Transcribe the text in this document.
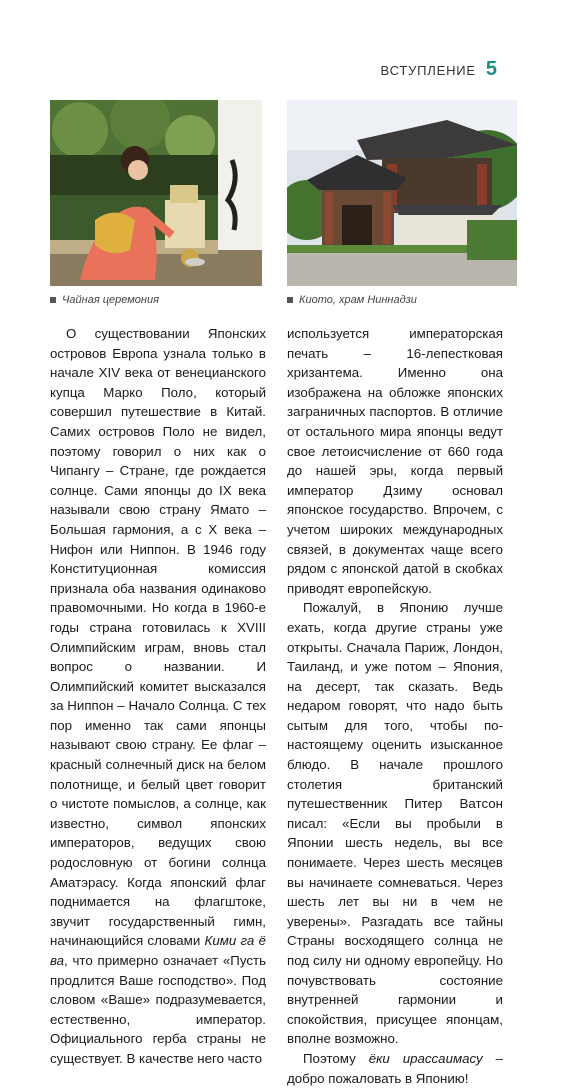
ВСТУПЛЕНИЕ 5
Чайная церемония	Киото, храм Ниннадзи

О существовании Японских островов Европа узнала только в начале XIV века от венецианского купца Марко Поло, который совершил путешествие в Китай. Самих островов Поло не видел, поэтому говорил о них как о Чипангу – Стране, где рождается солнце. Сами японцы до IX века называли свою страну Ямато – Большая гармония, а с X века – Нифон или Ниппон. В 1946 году Конституционная комиссия признала оба названия одинаково правомочными. Но когда в 1960-е годы страна готовилась к XVIII Олимпийским играм, вновь стал вопрос о названии. И Олимпийский комитет высказался за Ниппон – Начало Солнца. С тех пор именно так сами японцы называют свою страну. Ее флаг – красный солнечный диск на белом полотнище, и белый цвет говорит о чистоте помыслов, а солнце, как известно, символ японских императоров, ведущих свою родословную от богини солнца Аматэрасу. Когда японский флаг поднимается на флагштоке, звучит государственный гимн, начинающийся словами Кими га ё ва, что примерно означает «Пусть продлится Ваше господство». Под словом «Ваше» подразумевается, естественно, император. Официального герба страны не существует. В качестве него часто

используется императорская печать – 16-лепестковая хризантема. Именно она изображена на обложке японских заграничных паспортов. В отличие от остального мира японцы ведут свое летоисчисление от 660 года до нашей эры, когда первый император Дзиму основал японское государство. Впрочем, с учетом широких международных связей, в документах чаще всего рядом с японской датой в скобках приводят европейскую.

Пожалуй, в Японию лучше ехать, когда другие страны уже открыты. Сначала Париж, Лондон, Таиланд, и уже потом – Япония, на десерт, так сказать. Ведь недаром говорят, что надо быть сытым для того, чтобы по-настоящему оценить изысканное блюдо. В начале прошлого столетия британский путешественник Питер Ватсон писал: «Если вы пробыли в Японии шесть недель, вы все понимаете. Через шесть месяцев вы начинаете сомневаться. Через шесть лет вы ни в чем не уверены». Разгадать все тайны Страны восходящего солнца не под силу ни одному европейцу. Но почувствовать состояние внутренней гармонии и спокойствия, присущее японцам, вполне возможно.

Поэтому ёки ирассаимасу – добро пожаловать в Японию!
